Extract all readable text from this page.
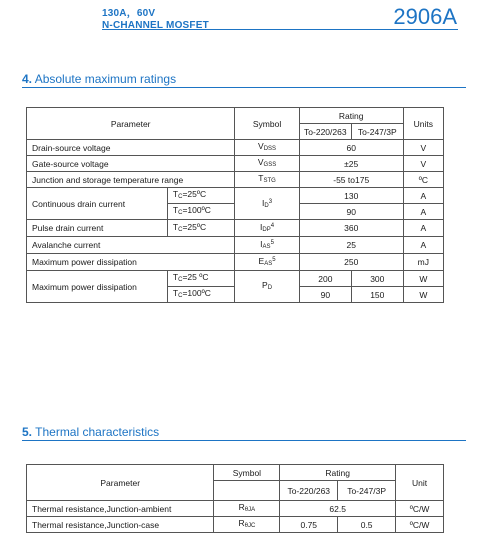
130A，60V
N-CHANNEL MOSFET	2906A
4. Absolute maximum ratings
Parameter		Symbol	Rating		Units
			To-220/263	To-247/3P	
Drain-source voltage		$V_{DSS}$	60		V
Gate-source voltage		$V_{GSS}$	±25		V
Junction and storage temperature range		$T_{STG}$	-55 to175		ºC
Continuous drain current	$T_C=25ºC$	$I_D^3$	130		A
	$T_C=100ºC$		90		A
Pulse drain current	$T_C=25ºC$	$I_{DP}^4$	360		A
Avalanche current		$I_{AS}^5$	25		A
Maximum power dissipation		$E_{AS}^5$	250		mJ
Maximum power dissipation	$T_C=25$ ºC	$P_D$	200	300	W
	$T_C=100ºC$		90	150	W
5. Thermal characteristics
Parameter	Symbol	Rating		Unit
		To-220/263	To-247/3P	
Thermal resistance,Junction-ambient	$R_{\theta JA}$	62.5		ºC/W
Thermal resistance,Junction-case	$R_{\theta JC}$	0.75	0.5	ºC/W
